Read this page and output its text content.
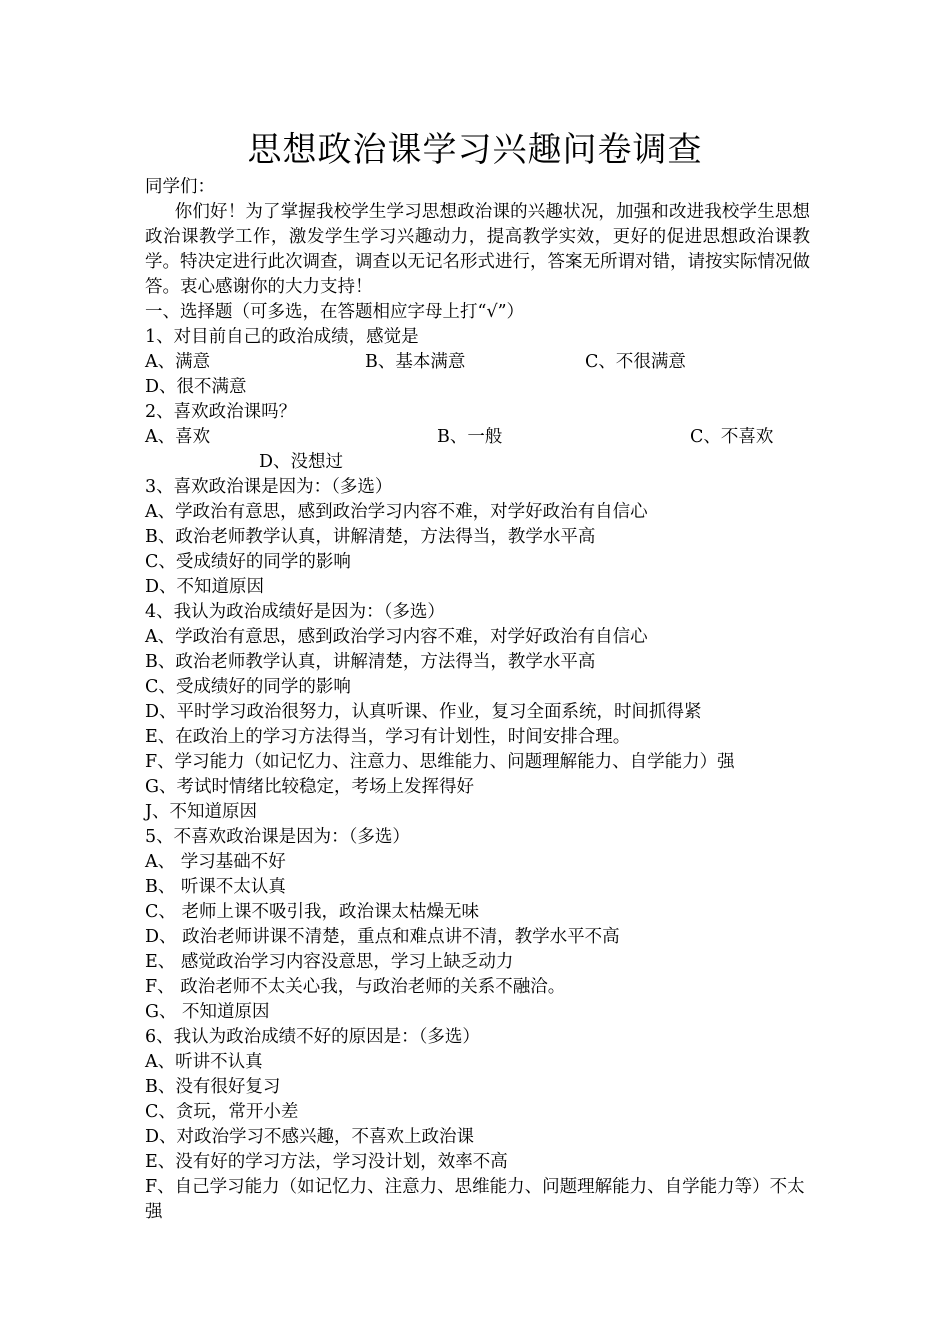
思想政治课学习兴趣问卷调查
同学们：
你们好！为了掌握我校学生学习思想政治课的兴趣状况，加强和改进我校学生思想政治课教学工作，激发学生学习兴趣动力，提高教学实效，更好的促进思想政治课教学。特决定进行此次调查，调查以无记名形式进行，答案无所谓对错，请按实际情况做答。衷心感谢你的大力支持！
一、选择题（可多选，在答题相应字母上打“√”）
1、对目前自己的政治成绩，感觉是
A、满意	B、基本满意	C、不很满意
D、很不满意
2、喜欢政治课吗？
A、喜欢	B、一般	C、不喜欢
D、没想过
3、喜欢政治课是因为：（多选）
A、学政治有意思，感到政治学习内容不难，对学好政治有自信心
B、政治老师教学认真，讲解清楚，方法得当，教学水平高
C、受成绩好的同学的影响
D、不知道原因
4、我认为政治成绩好是因为：（多选）
A、学政治有意思，感到政治学习内容不难，对学好政治有自信心
B、政治老师教学认真，讲解清楚，方法得当，教学水平高
C、受成绩好的同学的影响
D、平时学习政治很努力，认真听课、作业，复习全面系统，时间抓得紧
E、在政治上的学习方法得当，学习有计划性，时间安排合理。
F、学习能力（如记忆力、注意力、思维能力、问题理解能力、自学能力）强
G、考试时情绪比较稳定，考场上发挥得好
J、不知道原因
5、不喜欢政治课是因为：（多选）
A、 学习基础不好
B、 听课不太认真
C、 老师上课不吸引我，政治课太枯燥无味
D、 政治老师讲课不清楚，重点和难点讲不清，教学水平不高
E、 感觉政治学习内容没意思，学习上缺乏动力
F、 政治老师不太关心我，与政治老师的关系不融洽。
G、 不知道原因
6、我认为政治成绩不好的原因是：（多选）
A、听讲不认真
B、没有很好复习
C、贪玩，常开小差
D、对政治学习不感兴趣，不喜欢上政治课
E、没有好的学习方法，学习没计划，效率不高
F、自己学习能力（如记忆力、注意力、思维能力、问题理解能力、自学能力等）不太强
